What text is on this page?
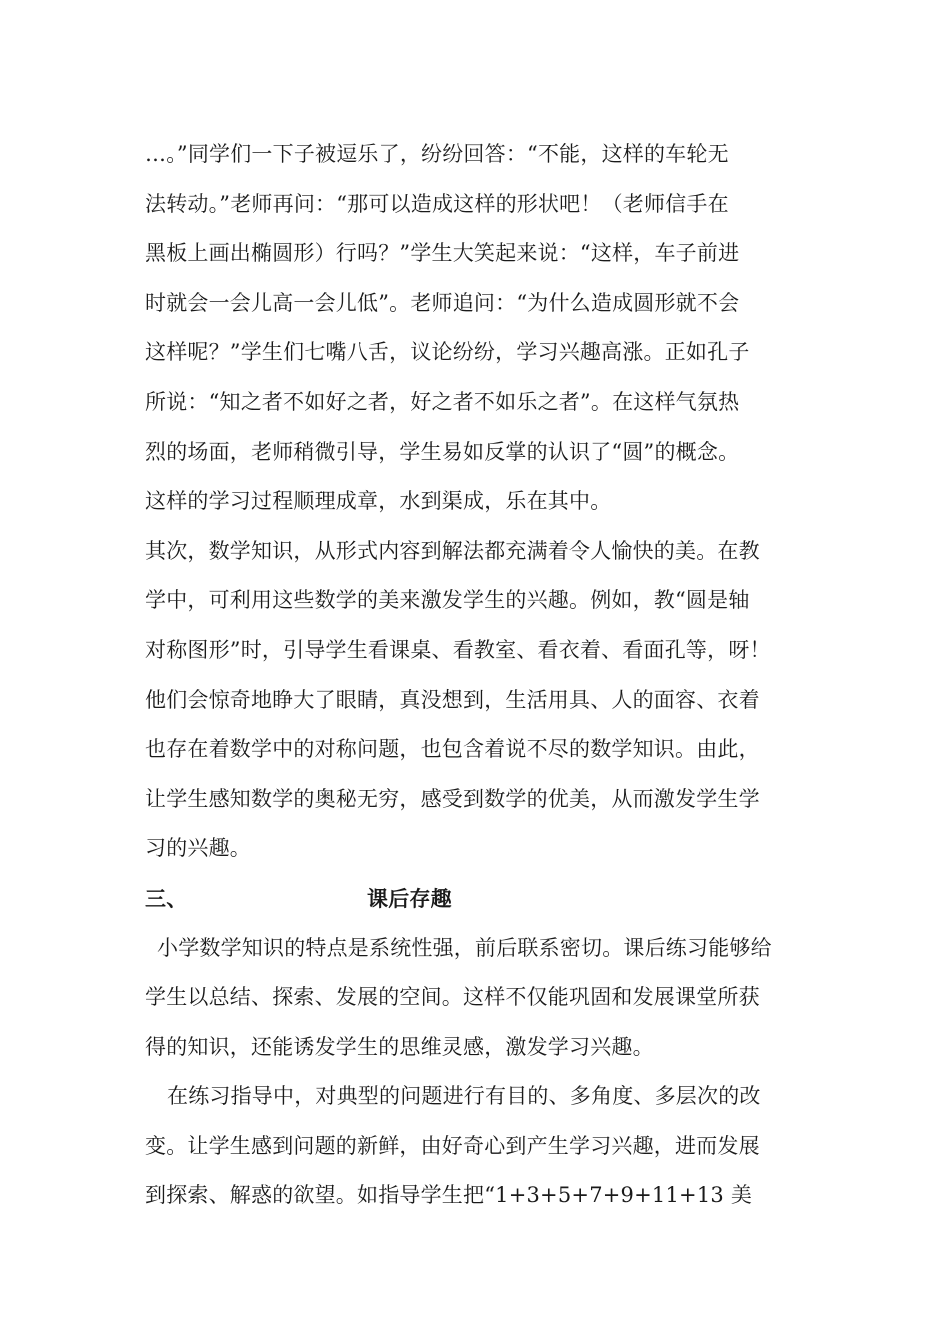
…。”同学们一下子被逗乐了，纷纷回答：“不能，这样的车轮无
法转动。”老师再问：“那可以造成这样的形状吧！（老师信手在
黑板上画出椭圆形）行吗？”学生大笑起来说：“这样，车子前进
时就会一会儿高一会儿低”。老师追问：“为什么造成圆形就不会
这样呢？”学生们七嘴八舌，议论纷纷，学习兴趣高涨。正如孔子
所说：“知之者不如好之者，好之者不如乐之者”。在这样气氛热
烈的场面，老师稍微引导，学生易如反掌的认识了“圆”的概念。
这样的学习过程顺理成章，水到渠成，乐在其中。
其次，数学知识，从形式内容到解法都充满着令人愉快的美。在教
学中，可利用这些数学的美来激发学生的兴趣。例如，教“圆是轴
对称图形”时，引导学生看课桌、看教室、看衣着、看面孔等，呀！
他们会惊奇地睁大了眼睛，真没想到，生活用具、人的面容、衣着
也存在着数学中的对称问题，也包含着说不尽的数学知识。由此，
让学生感知数学的奥秘无穷，感受到数学的优美，从而激发学生学
习的兴趣。
三、	课后存趣
小学数学知识的特点是系统性强，前后联系密切。课后练习能够给
学生以总结、探索、发展的空间。这样不仅能巩固和发展课堂所获
得的知识，还能诱发学生的思维灵感，激发学习兴趣。
在练习指导中，对典型的问题进行有目的、多角度、多层次的改
变。让学生感到问题的新鲜，由好奇心到产生学习兴趣，进而发展
到探索、解惑的欲望。如指导学生把“1+3+5+7+9+11+13 美
